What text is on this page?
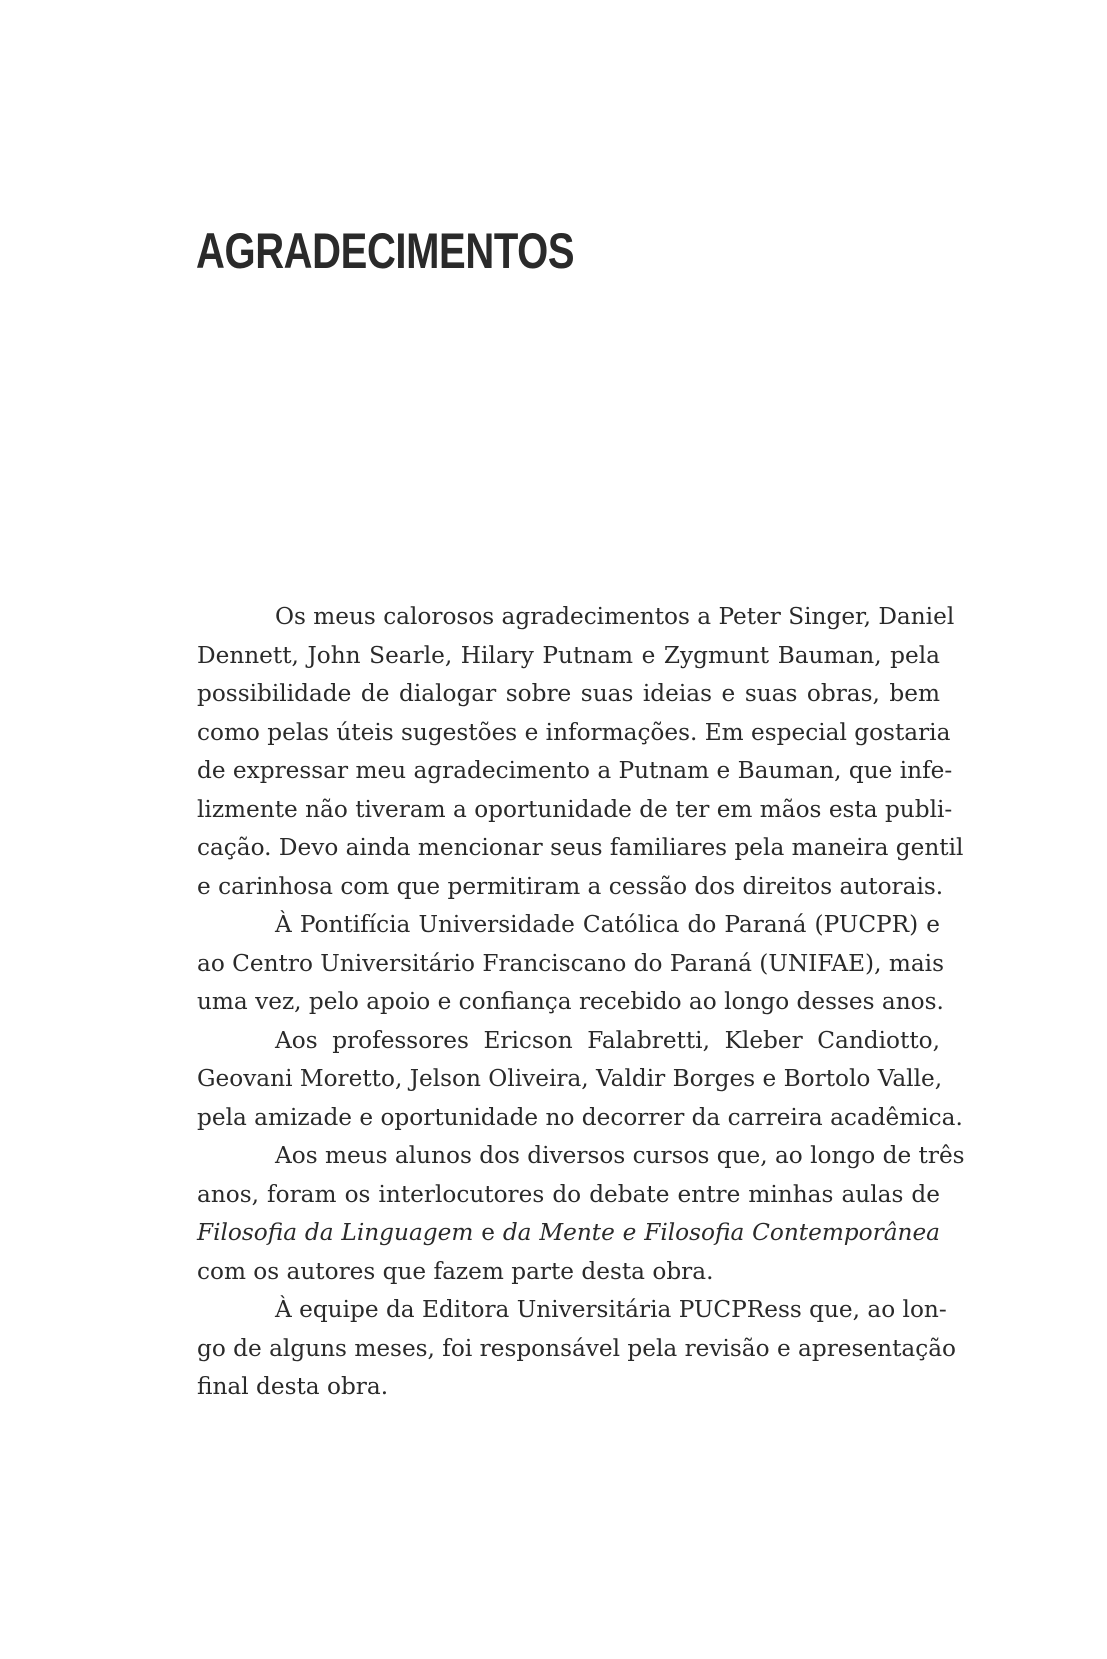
AGRADECIMENTOS
Os meus calorosos agradecimentos a Peter Singer, Daniel
Dennett, John Searle, Hilary Putnam e Zygmunt Bauman, pela
possibilidade de dialogar sobre suas ideias e suas obras, bem
como pelas úteis sugestões e informações. Em especial gostaria
de expressar meu agradecimento a Putnam e Bauman, que infe-
lizmente não tiveram a oportunidade de ter em mãos esta publi-
cação. Devo ainda mencionar seus familiares pela maneira gentil
e carinhosa com que permitiram a cessão dos direitos autorais.
À Pontifícia Universidade Católica do Paraná (PUCPR) e
ao Centro Universitário Franciscano do Paraná (UNIFAE), mais
uma vez, pelo apoio e confiança recebido ao longo desses anos.
Aos professores Ericson Falabretti, Kleber Candiotto,
Geovani Moretto, Jelson Oliveira, Valdir Borges e Bortolo Valle,
pela amizade e oportunidade no decorrer da carreira acadêmica.
Aos meus alunos dos diversos cursos que, ao longo de três
anos, foram os interlocutores do debate entre minhas aulas de
Filosofia da Linguagem e da Mente e Filosofia Contemporânea
com os autores que fazem parte desta obra.
À equipe da Editora Universitária PUCPRess que, ao lon-
go de alguns meses, foi responsável pela revisão e apresentação
final desta obra.
